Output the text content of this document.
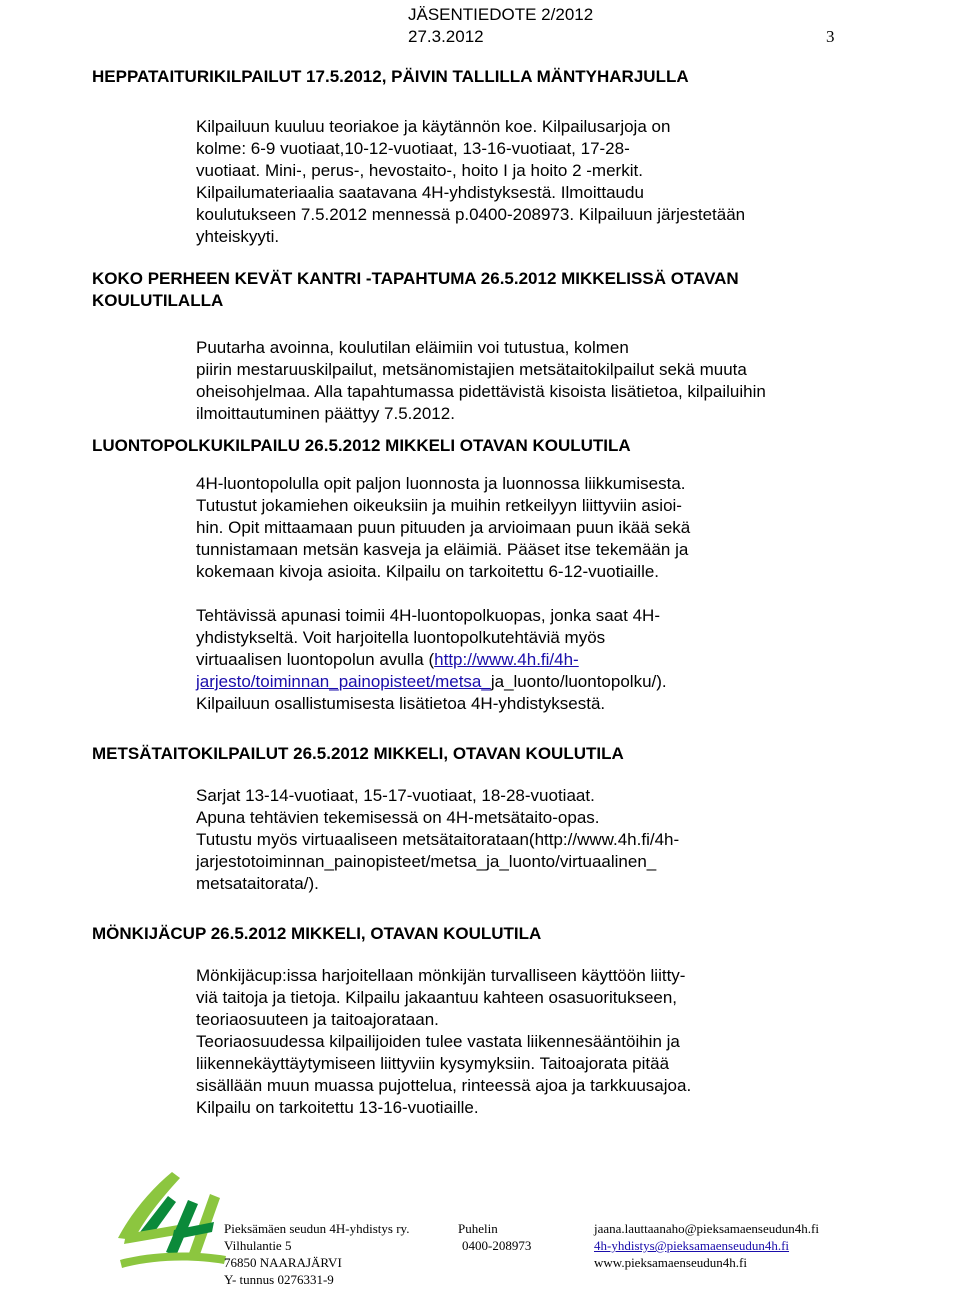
JÄSENTIEDOTE 2/2012
27.3.2012	3

HEPPATAITURIKILPAILUT 17.5.2012, PÄIVIN TALLILLA MÄNTYHARJULLA

Kilpailuun kuuluu teoriakoe ja käytännön koe. Kilpailusarjoja on

kolme: 6-9 vuotiaat,10-12-vuotiaat, 13-16-vuotiaat, 17-28-

vuotiaat. Mini-, perus-, hevostaito-, hoito I ja hoito 2 -merkit.

Kilpailumateriaalia saatavana 4H-yhdistyksestä. Ilmoittaudu

koulutukseen 7.5.2012 mennessä p.0400-208973. Kilpailuun järjestetään

yhteiskyyti.

KOKO PERHEEN KEVÄT KANTRI -TAPAHTUMA 26.5.2012 MIKKELISSÄ OTAVAN

KOULUTILALLA

Puutarha avoinna, koulutilan eläimiin voi tutustua, kolmen

piirin mestaruuskilpailut, metsänomistajien metsätaitokilpailut sekä muuta

oheisohjelmaa. Alla tapahtumassa pidettävistä kisoista lisätietoa, kilpailuihin

ilmoittautuminen päättyy 7.5.2012.

LUONTOPOLKUKILPAILU 26.5.2012 MIKKELI OTAVAN KOULUTILA

4H-luontopolulla opit paljon luonnosta ja luonnossa liikkumisesta.

Tutustut jokamiehen oikeuksiin ja muihin retkeilyyn liittyviin asioi-

hin. Opit mittaamaan puun pituuden ja arvioimaan puun ikää sekä

tunnistamaan metsän kasveja ja eläimiä. Pääset itse tekemään ja

kokemaan kivoja asioita. Kilpailu on tarkoitettu 6-12-vuotiaille.

Tehtävissä apunasi toimii 4H-luontopolkuopas, jonka saat 4H-

yhdistykseltä. Voit harjoitella luontopolkutehtäviä myös

virtuaalisen luontopolun avulla (http://www.4h.fi/4h-

jarjesto/toiminnan_painopisteet/metsa_ja_luonto/luontopolku/).

Kilpailuun osallistumisesta lisätietoa 4H-yhdistyksestä.

METSÄTAITOKILPAILUT 26.5.2012 MIKKELI, OTAVAN KOULUTILA

Sarjat 13-14-vuotiaat, 15-17-vuotiaat, 18-28-vuotiaat.

Apuna tehtävien tekemisessä on 4H-metsätaito-opas.

Tutustu myös virtuaaliseen metsätaitorataan(http://www.4h.fi/4h-

jarjestotoiminnan_painopisteet/metsa_ja_luonto/virtuaalinen_

metsataitorata/).

MÖNKIJÄCUP 26.5.2012 MIKKELI, OTAVAN KOULUTILA

Mönkijäcup:issa harjoitellaan mönkijän turvalliseen käyttöön liitty-

viä taitoja ja tietoja. Kilpailu jakaantuu kahteen osasuoritukseen,

teoriaosuuteen ja taitoajorataan.

Teoriaosuudessa kilpailijoiden tulee vastata liikennesääntöihin ja

liikennekäyttäytymiseen liittyviin kysymyksiin. Taitoajorata pitää

sisällään muun muassa pujottelua, rinteessä ajoa ja tarkkuusajoa.

Kilpailu on tarkoitettu 13-16-vuotiaille.

Pieksämäen seudun 4H-yhdistys ry.
Vilhulantie 5
76850 NAARAJÄRVI
Y- tunnus 0276331-9
Puhelin
0400-208973
jaana.lauttaanaho@pieksamaenseudun4h.fi
4h-yhdistys@pieksamaenseudun4h.fi
www.pieksamaenseudun4h.fi
